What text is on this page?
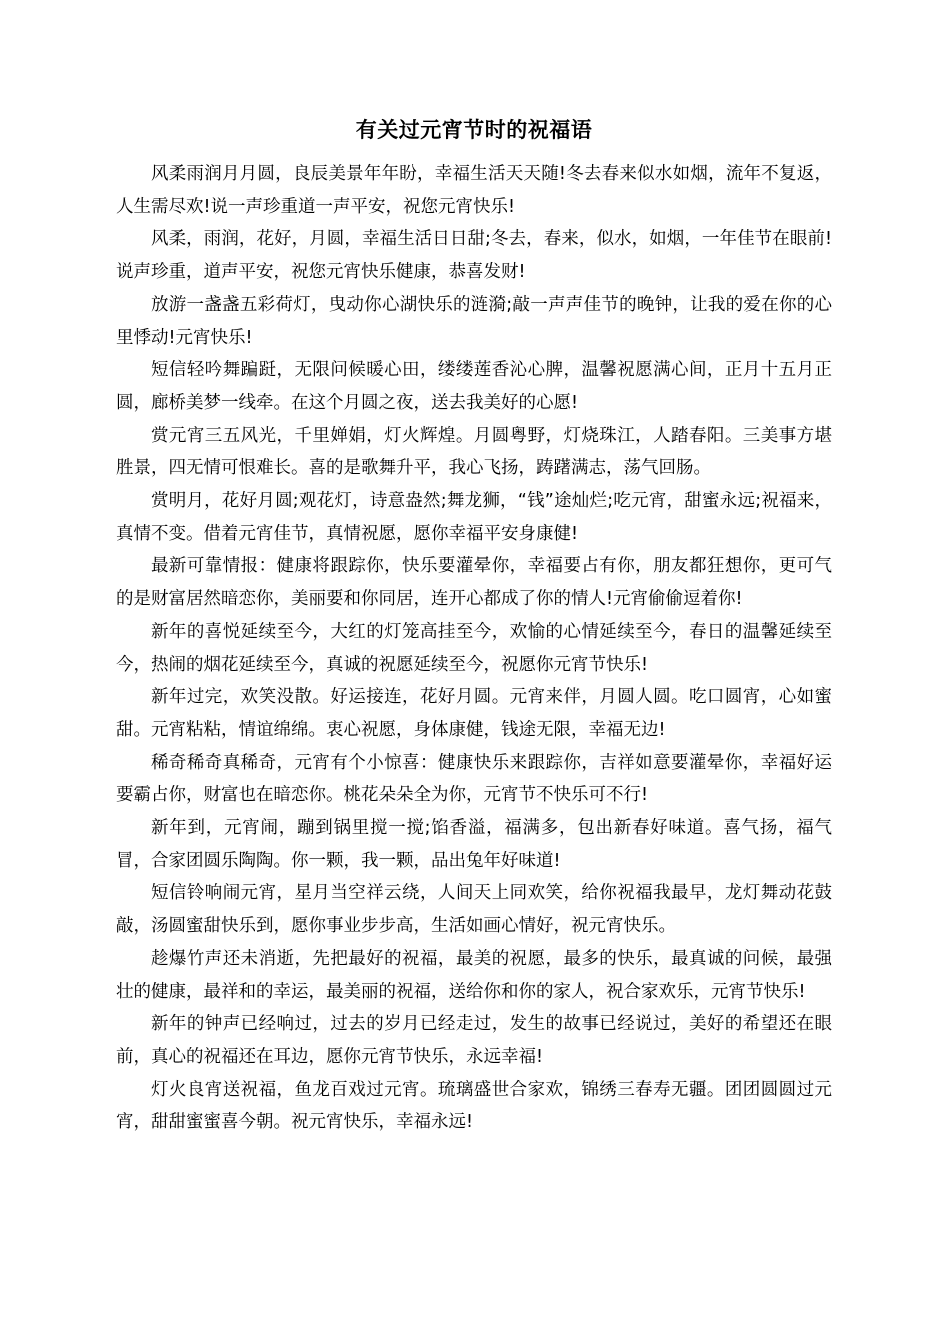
有关过元宵节时的祝福语

风柔雨润月月圆，良辰美景年年盼，幸福生活天天随!冬去春来似水如烟，流年不复返，人生需尽欢!说一声珍重道一声平安，祝您元宵快乐!

风柔，雨润，花好，月圆，幸福生活日日甜;冬去，春来，似水，如烟，一年佳节在眼前!说声珍重，道声平安，祝您元宵快乐健康，恭喜发财!

放游一盏盏五彩荷灯，曳动你心湖快乐的涟漪;敲一声声佳节的晚钟，让我的爱在你的心里悸动!元宵快乐!

短信轻吟舞蹁跹，无限问候暖心田，缕缕莲香沁心脾，温馨祝愿满心间，正月十五月正圆，廊桥美梦一线牵。在这个月圆之夜，送去我美好的心愿!

赏元宵三五风光，千里婵娟，灯火辉煌。月圆粤野，灯烧珠江，人踏春阳。三美事方堪胜景，四无情可恨难长。喜的是歌舞升平，我心飞扬，踌躇满志，荡气回肠。

赏明月，花好月圆;观花灯，诗意盎然;舞龙狮，“钱”途灿烂;吃元宵，甜蜜永远;祝福来，真情不变。借着元宵佳节，真情祝愿，愿你幸福平安身康健!

最新可靠情报：健康将跟踪你，快乐要灌晕你，幸福要占有你，朋友都狂想你，更可气的是财富居然暗恋你，美丽要和你同居，连开心都成了你的情人!元宵偷偷逗着你!

新年的喜悦延续至今，大红的灯笼高挂至今，欢愉的心情延续至今，春日的温馨延续至今，热闹的烟花延续至今，真诚的祝愿延续至今，祝愿你元宵节快乐!

新年过完，欢笑没散。好运接连，花好月圆。元宵来伴，月圆人圆。吃口圆宵，心如蜜甜。元宵粘粘，情谊绵绵。衷心祝愿，身体康健，钱途无限，幸福无边!

稀奇稀奇真稀奇，元宵有个小惊喜：健康快乐来跟踪你，吉祥如意要灌晕你，幸福好运要霸占你，财富也在暗恋你。桃花朵朵全为你，元宵节不快乐可不行!

新年到，元宵闹，蹦到锅里搅一搅;馅香溢，福满多，包出新春好味道。喜气扬，福气冒，合家团圆乐陶陶。你一颗，我一颗，品出兔年好味道!

短信铃响闹元宵，星月当空祥云绕，人间天上同欢笑，给你祝福我最早，龙灯舞动花鼓敲，汤圆蜜甜快乐到，愿你事业步步高，生活如画心情好，祝元宵快乐。

趁爆竹声还未消逝，先把最好的祝福，最美的祝愿，最多的快乐，最真诚的问候，最强壮的健康，最祥和的幸运，最美丽的祝福，送给你和你的家人，祝合家欢乐，元宵节快乐!

新年的钟声已经响过，过去的岁月已经走过，发生的故事已经说过，美好的希望还在眼前，真心的祝福还在耳边，愿你元宵节快乐，永远幸福!

灯火良宵送祝福，鱼龙百戏过元宵。琉璃盛世合家欢，锦绣三春寿无疆。团团圆圆过元宵，甜甜蜜蜜喜今朝。祝元宵快乐，幸福永远!
